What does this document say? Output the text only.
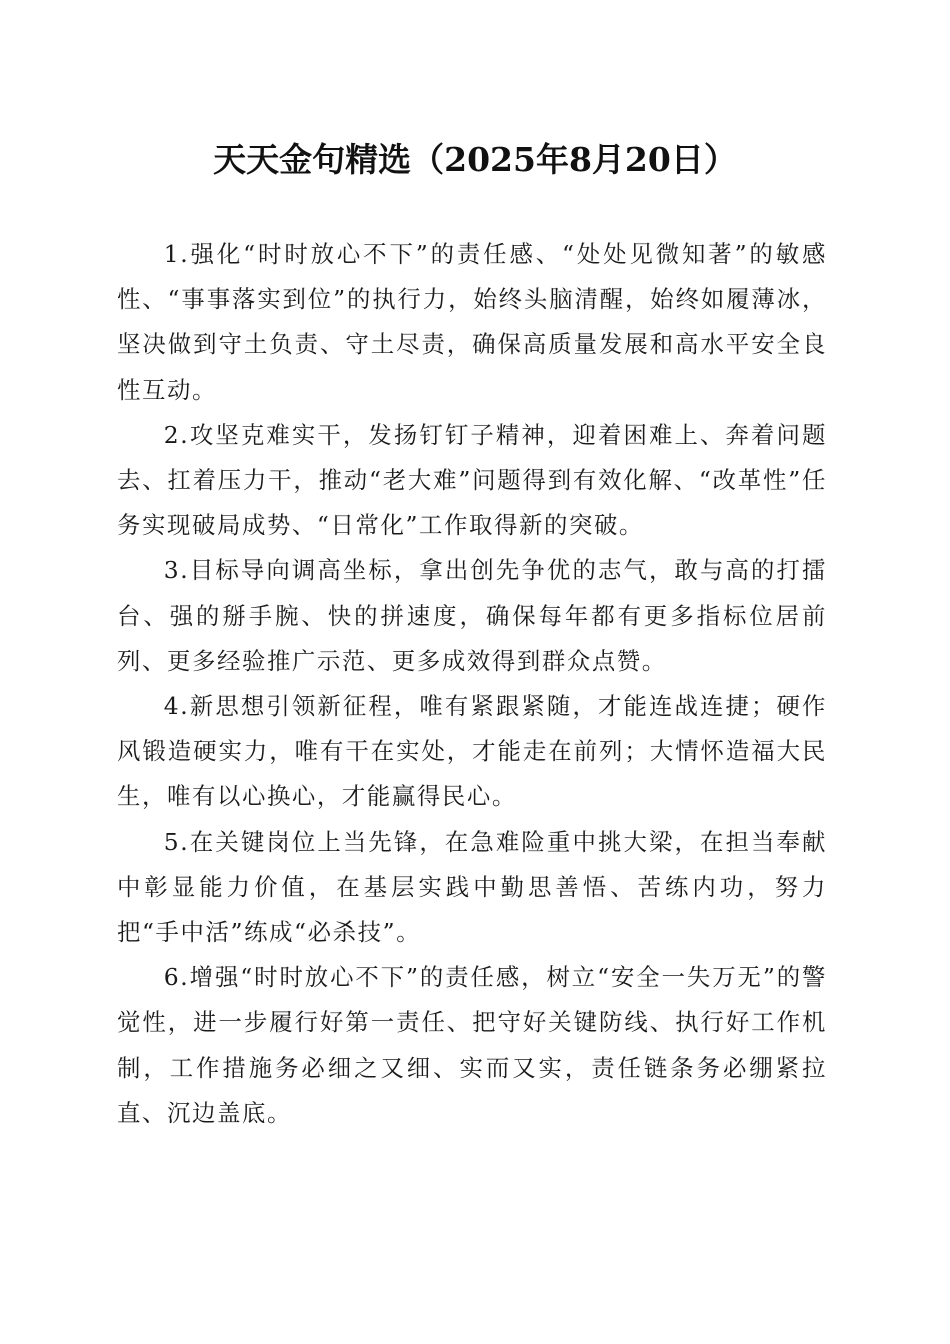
天天金句精选（2025年8月20日）

1.强化“时时放心不下”的责任感、“处处见微知著”的敏感性、“事事落实到位”的执行力，始终头脑清醒，始终如履薄冰，坚决做到守土负责、守土尽责，确保高质量发展和高水平安全良性互动。

2.攻坚克难实干，发扬钉钉子精神，迎着困难上、奔着问题去、扛着压力干，推动“老大难”问题得到有效化解、“改革性”任务实现破局成势、“日常化”工作取得新的突破。

3.目标导向调高坐标，拿出创先争优的志气，敢与高的打擂台、强的掰手腕、快的拼速度，确保每年都有更多指标位居前列、更多经验推广示范、更多成效得到群众点赞。

4.新思想引领新征程，唯有紧跟紧随，才能连战连捷；硬作风锻造硬实力，唯有干在实处，才能走在前列；大情怀造福大民生，唯有以心换心，才能赢得民心。

5.在关键岗位上当先锋，在急难险重中挑大梁，在担当奉献中彰显能力价值，在基层实践中勤思善悟、苦练内功，努力把“手中活”练成“必杀技”。

6.增强“时时放心不下”的责任感，树立“安全一失万无”的警觉性，进一步履行好第一责任、把守好关键防线、执行好工作机制，工作措施务必细之又细、实而又实，责任链条务必绷紧拉直、沉边盖底。
